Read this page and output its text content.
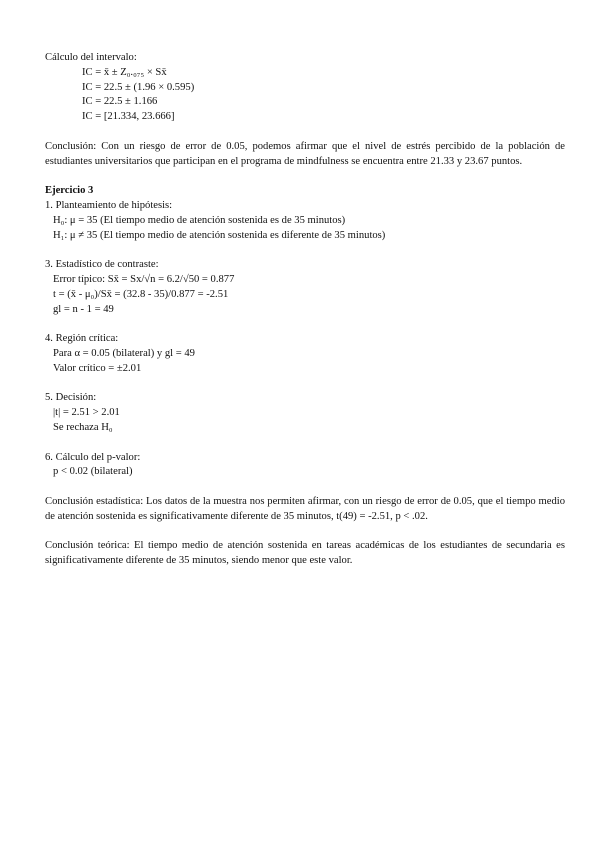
Cálculo del intervalo:

IC = x̄ ± Z₀.₀₇₅ × Sx̄

IC = 22.5 ± (1.96 × 0.595)

IC = 22.5 ± 1.166

IC = [21.334, 23.666]

Conclusión: Con un riesgo de error de 0.05, podemos afirmar que el nivel de estrés percibido de la población de estudiantes universitarios que participan en el programa de mindfulness se encuentra entre 21.33 y 23.67 puntos.

Ejercicio 3

1. Planteamiento de hipótesis:

H₀: μ = 35 (El tiempo medio de atención sostenida es de 35 minutos)

H₁: μ ≠ 35 (El tiempo medio de atención sostenida es diferente de 35 minutos)

3. Estadístico de contraste:

Error típico: Sx̄ = Sx/√n = 6.2/√50 = 0.877

t = (x̄ - μ₀)/Sx̄ = (32.8 - 35)/0.877 = -2.51

gl = n - 1 = 49

4. Región crítica:

Para α = 0.05 (bilateral) y gl = 49

Valor crítico = ±2.01

5. Decisión:

|t| = 2.51 > 2.01

Se rechaza H₀

6. Cálculo del p-valor:

p < 0.02 (bilateral)

Conclusión estadística: Los datos de la muestra nos permiten afirmar, con un riesgo de error de 0.05, que el tiempo medio de atención sostenida es significativamente diferente de 35 minutos, t(49) = -2.51, p < .02.

Conclusión teórica: El tiempo medio de atención sostenida en tareas académicas de los estudiantes de secundaria es significativamente diferente de 35 minutos, siendo menor que este valor.
